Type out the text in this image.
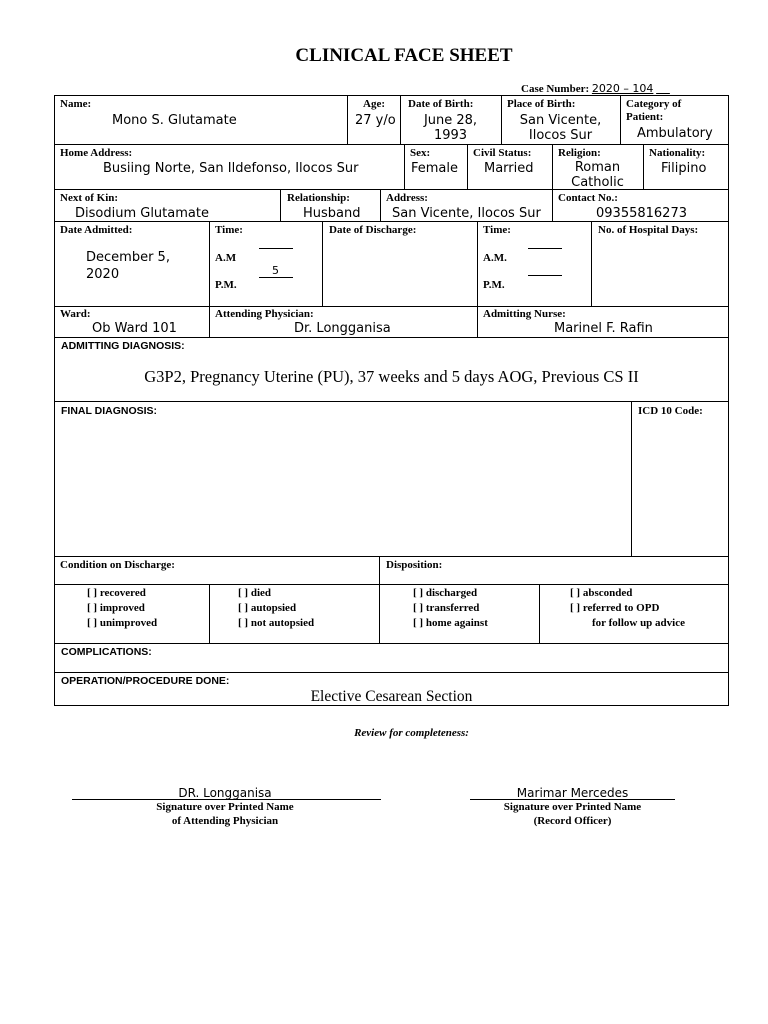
CLINICAL FACE SHEET
Case Number: 2020 – 104
Name:
Mono S. Glutamate
Age:
27 y/o
Date of Birth:
June 28,
1993
Place of Birth:
San Vicente,
Ilocos Sur
Category of
Patient:
Ambulatory
Home Address:
Busiing Norte, San Ildefonso, Ilocos Sur
Sex:
Female
Civil Status:
Married
Religion:
Roman
Catholic
Nationality:
Filipino
Next of Kin:
Disodium Glutamate
Relationship:
Husband
Address:
San Vicente, Ilocos Sur
Contact No.:
09355816273
Date Admitted:
December 5,
2020
Time:
A.M
5
P.M.
Date of Discharge:	Time:
A.M.
P.M.
No. of Hospital Days:
Ward:
Ob Ward 101
Attending Physician:
Dr. Longganisa
Admitting Nurse:
Marinel F. Rafin
ADMITTING DIAGNOSIS:
G3P2, Pregnancy Uterine (PU), 37 weeks and 5 days AOG, Previous CS II
FINAL DIAGNOSIS:	ICD 10 Code:
Condition on Discharge:
[ ] recovered
[ ] improved
[ ] unimproved
[ ] died
[ ] autopsied
[ ] not autopsied
Disposition:
[ ] discharged
[ ] transferred
[ ] home against
[ ] absconded
[ ] referred to OPD
for follow up advice
COMPLICATIONS:
OPERATION/PROCEDURE DONE:
Elective Cesarean Section
Review for completeness:
DR. Longganisa
Signature over Printed Name
of Attending Physician
Marimar Mercedes
Signature over Printed Name
(Record Officer)
